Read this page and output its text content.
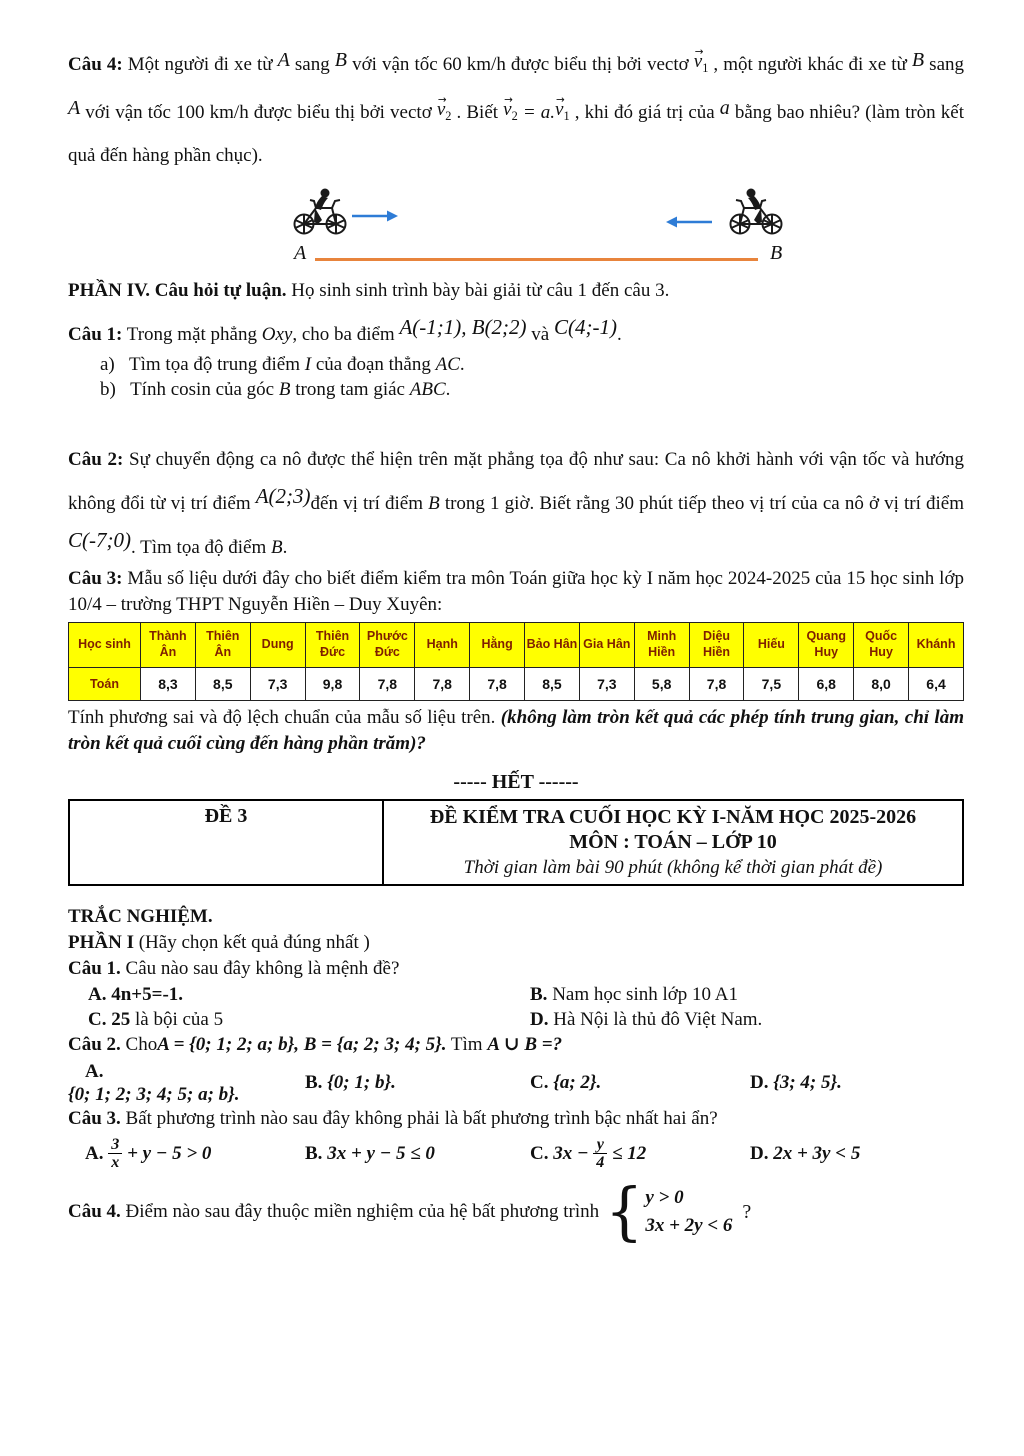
Câu 4: Một người đi xe từ A sang B với vận tốc 60 km/h được biểu thị bởi vectơ $v_1$ → , một người khác đi xe từ B sang A với vận tốc 100 km/h được biểu thị bởi vectơ $v_2$ → . Biết $v_2$ → = $a.v_1$ → , khi đó giá trị của a bằng bao nhiêu? (làm tròn kết quả đến hàng phần chục).

A	B

PHẦN IV. Câu hỏi tự luận. Họ sinh sinh trình bày bài giải từ câu 1 đến câu 3.

Câu 1: Trong mặt phẳng Oxy, cho ba điểm A(-1;1), B(2;2) và C(4;-1).

a) Tìm tọa độ trung điểm I của đoạn thẳng AC.

b) Tính cosin của góc B trong tam giác ABC.

Câu 2: Sự chuyển động ca nô được thể hiện trên mặt phẳng tọa độ như sau: Ca nô khởi hành với vận tốc và hướng không đổi từ vị trí điểm A(2;3)đến vị trí điểm B trong 1 giờ. Biết rằng 30 phút tiếp theo vị trí của ca nô ở vị trí điểm C(-7;0). Tìm tọa độ điểm B.

Câu 3: Mẫu số liệu dưới đây cho biết điểm kiểm tra môn Toán giữa học kỳ I năm học 2024-2025 của 15 học sinh lớp 10/4 – trường THPT Nguyễn Hiền – Duy Xuyên:

Học sinh	Thành Ân	Thiên Ân	Dung	Thiên Đức	Phước Đức	Hạnh	Hằng	Bảo Hân	Gia Hân	Minh Hiền	Diệu Hiền	Hiếu	Quang Huy	Quốc Huy	Khánh
Toán	8,3	8,5	7,3	9,8	7,8	7,8	7,8	8,5	7,3	5,8	7,8	7,5	6,8	8,0	6,4

Tính phương sai và độ lệch chuẩn của mẫu số liệu trên. (không làm tròn kết quả các phép tính trung gian, chỉ làm tròn kết quả cuối cùng đến hàng phần trăm)?

----- HẾT ------

ĐỀ 3	ĐỀ KIỂM TRA CUỐI HỌC KỲ I-NĂM HỌC 2025-2026
MÔN : TOÁN – LỚP 10
Thời gian làm bài 90 phút (không kể thời gian phát đề)

TRẮC NGHIỆM.

PHẦN I (Hãy chọn kết quả đúng nhất )

Câu 1. Câu nào sau đây không là mệnh đề?

A. 4n+5=-1.	B. Nam học sinh lớp 10 A1
C. 25 là bội của 5	D. Hà Nội là thủ đô Việt Nam.

Câu 2. ChoA = {0; 1; 2; a; b}, B = {a; 2; 3; 4; 5}. Tìm A ∪ B =?

A.
{0; 1; 2; 3; 4; 5; a; b}.
B. {0; 1; b}.	C. {a; 2}.	D. {3; 4; 5}.

Câu 3. Bất phương trình nào sau đây không phải là bất phương trình bậc nhất hai ẩn?

A. $\frac{3}{x} + y - 5 > 0$	B. 3x + y − 5 ≤ 0	C. $3x - \frac{y}{4} \le 12$	D. 2x + 3y < 5
Câu 4. Điểm nào sau đây thuộc miền nghiệm của hệ bất phương trình { y > 0
3x + 2y < 6
?
